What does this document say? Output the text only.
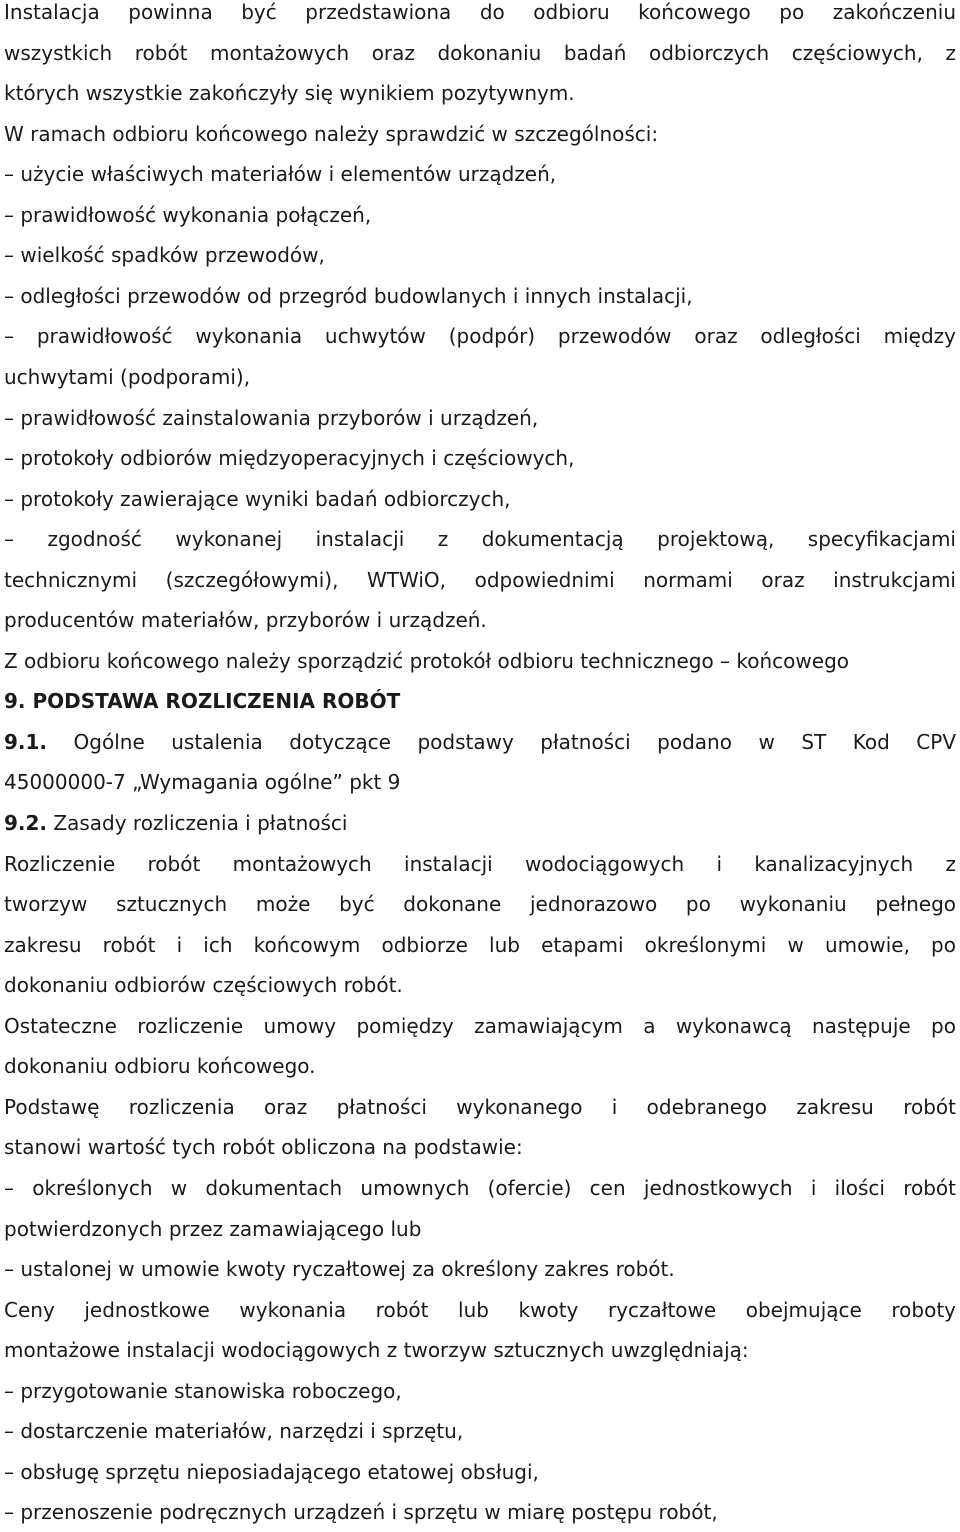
Instalacja powinna być przedstawiona do odbioru końcowego po zakończeniu
wszystkich robót montażowych oraz dokonaniu badań odbiorczych częściowych, z
których wszystkie zakończyły się wynikiem pozytywnym.
W ramach odbioru końcowego należy sprawdzić w szczególności:
– użycie właściwych materiałów i elementów urządzeń,
– prawidłowość wykonania połączeń,
– wielkość spadków przewodów,
– odległości przewodów od przegród budowlanych i innych instalacji,
– prawidłowość wykonania uchwytów (podpór) przewodów oraz odległości między
uchwytami (podporami),
– prawidłowość zainstalowania przyborów i urządzeń,
– protokoły odbiorów międzyoperacyjnych i częściowych,
– protokoły zawierające wyniki badań odbiorczych,
– zgodność wykonanej instalacji z dokumentacją projektową, specyfikacjami
technicznymi (szczegółowymi), WTWiO, odpowiednimi normami oraz instrukcjami
producentów materiałów, przyborów i urządzeń.
Z odbioru końcowego należy sporządzić protokół odbioru technicznego – końcowego
9. PODSTAWA ROZLICZENIA ROBÓT
9.1. Ogólne ustalenia dotyczące podstawy płatności podano w ST Kod CPV
45000000-7 „Wymagania ogólne” pkt 9
9.2. Zasady rozliczenia i płatności
Rozliczenie robót montażowych instalacji wodociągowych i kanalizacyjnych z
tworzyw sztucznych może być dokonane jednorazowo po wykonaniu pełnego
zakresu robót i ich końcowym odbiorze lub etapami określonymi w umowie, po
dokonaniu odbiorów częściowych robót.
Ostateczne rozliczenie umowy pomiędzy zamawiającym a wykonawcą następuje po
dokonaniu odbioru końcowego.
Podstawę rozliczenia oraz płatności wykonanego i odebranego zakresu robót
stanowi wartość tych robót obliczona na podstawie:
– określonych w dokumentach umownych (ofercie) cen jednostkowych i ilości robót
potwierdzonych przez zamawiającego lub
– ustalonej w umowie kwoty ryczałtowej za określony zakres robót.
Ceny jednostkowe wykonania robót lub kwoty ryczałtowe obejmujące roboty
montażowe instalacji wodociągowych z tworzyw sztucznych uwzględniają:
– przygotowanie stanowiska roboczego,
– dostarczenie materiałów, narzędzi i sprzętu,
– obsługę sprzętu nieposiadającego etatowej obsługi,
– przenoszenie podręcznych urządzeń i sprzętu w miarę postępu robót,
